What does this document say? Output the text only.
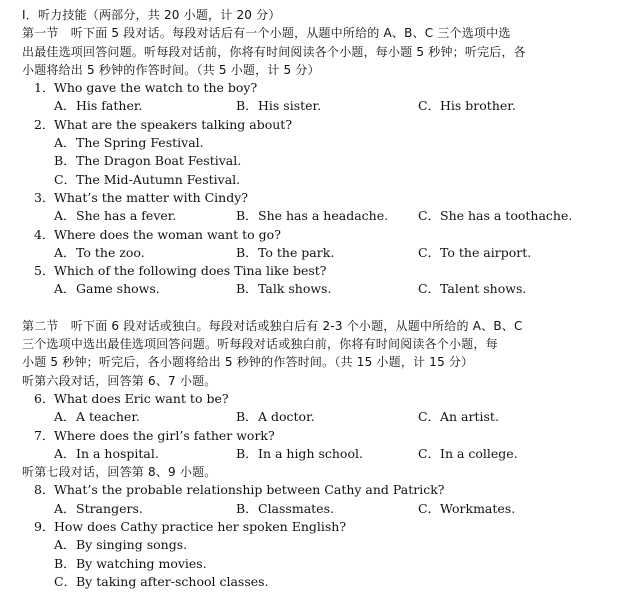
I．听力技能（两部分，共 20 小题，计 20 分）
第一节　听下面 5 段对话。每段对话后有一个小题，从题中所给的 A、B、C 三个选项中选
出最佳选项回答问题。听每段对话前，你将有时间阅读各个小题，每小题 5 秒钟；听完后，各
小题将给出 5 秒钟的作答时间。（共 5 小题，计 5 分）
1．Who gave the watch to the boy?
A．His father.	B．His sister.	C．His brother.
2．What are the speakers talking about?
A．The Spring Festival.
B．The Dragon Boat Festival.
C．The Mid-Autumn Festival.
3．What’s the matter with Cindy?
A．She has a fever.	B．She has a headache.	C．She has a toothache.
4．Where does the woman want to go?
A．To the zoo.	B．To the park.	C．To the airport.
5．Which of the following does Tina like best?
A．Game shows.	B．Talk shows.	C．Talent shows.
第二节　听下面 6 段对话或独白。每段对话或独白后有 2-3 个小题，从题中所给的 A、B、C
三个选项中选出最佳选项回答问题。听每段对话或独白前，你将有时间阅读各个小题，每
小题 5 秒钟；听完后，各小题将给出 5 秒钟的作答时间。（共 15 小题，计 15 分）
听第六段对话，回答第 6、7 小题。
6．What does Eric want to be?
A．A teacher.	B．A doctor.	C．An artist.
7．Where does the girl’s father work?
A．In a hospital.	B．In a high school.	C．In a college.
听第七段对话，回答第 8、9 小题。
8．What’s the probable relationship between Cathy and Patrick?
A．Strangers.	B．Classmates.	C．Workmates.
9．How does Cathy practice her spoken English?
A．By singing songs.
B．By watching movies.
C．By taking after-school classes.
